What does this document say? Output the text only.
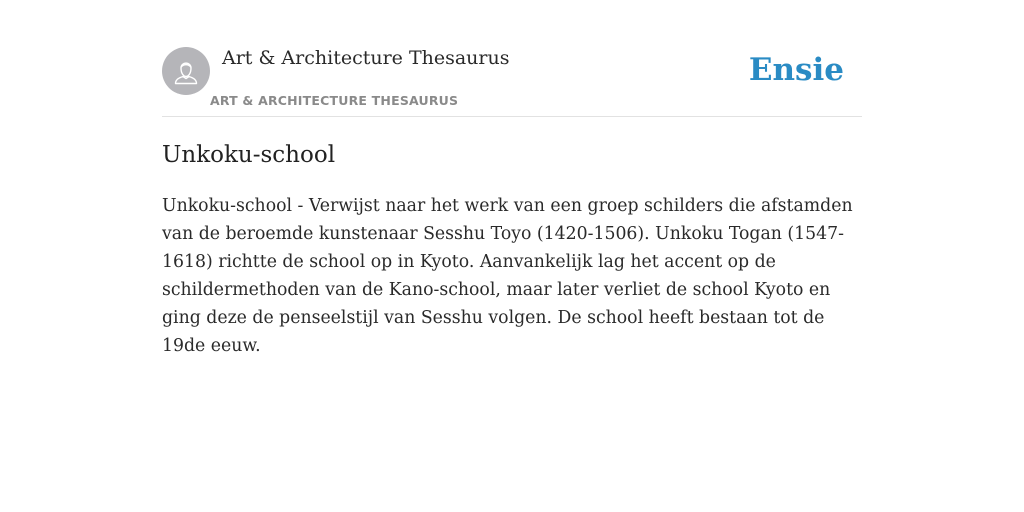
Art & Architecture Thesaurus
ART & ARCHITECTURE THESAURUS
Ensie
Unkoku-school

Unkoku-school - Verwijst naar het werk van een groep schilders die afstamden van de beroemde kunstenaar Sesshu Toyo (1420-1506). Unkoku Togan (1547-1618) richtte de school op in Kyoto. Aanvankelijk lag het accent op de schildermethoden van de Kano-school, maar later verliet de school Kyoto en ging deze de penseelstijl van Sesshu volgen. De school heeft bestaan tot de 19de eeuw.
